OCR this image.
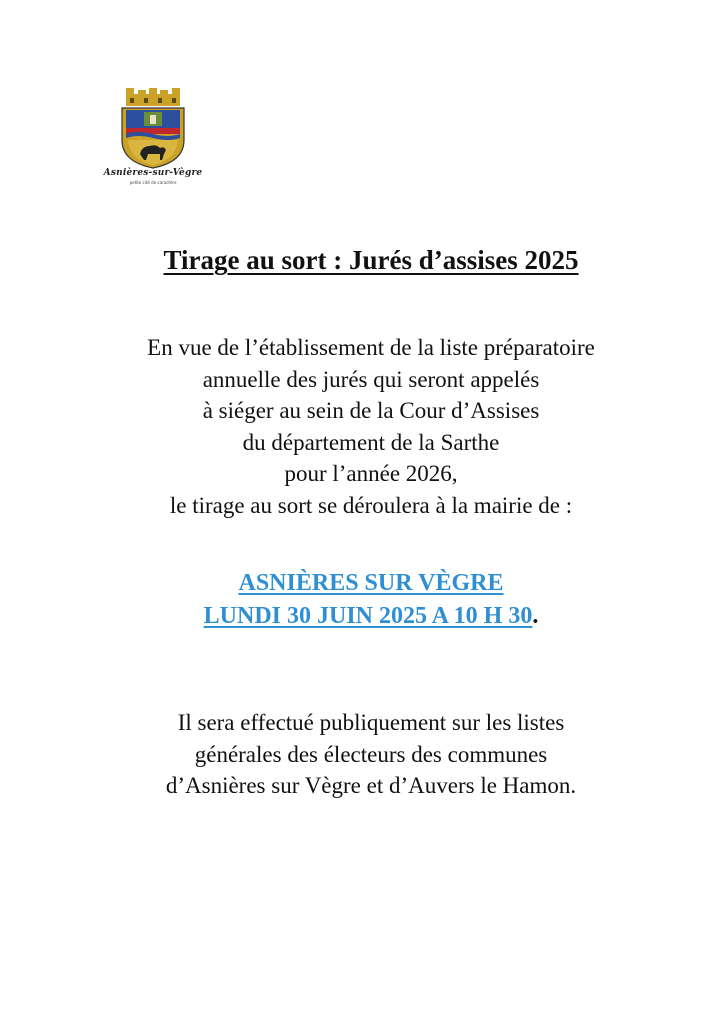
Asnières-sur-Vègre
petite cité de caractère
Tirage au sort : Jurés d’assises 2025
En vue de l’établissement de la liste préparatoire
annuelle des jurés qui seront appelés
à siéger au sein de la Cour d’Assises
du département de la Sarthe
pour l’année 2026,
le tirage au sort se déroulera à la mairie de :
ASNIÈRES SUR VÈGRE
LUNDI 30 JUIN 2025 A 10 H 30.
Il sera effectué publiquement sur les listes
générales des électeurs des communes
d’Asnières sur Vègre et d’Auvers le Hamon.
